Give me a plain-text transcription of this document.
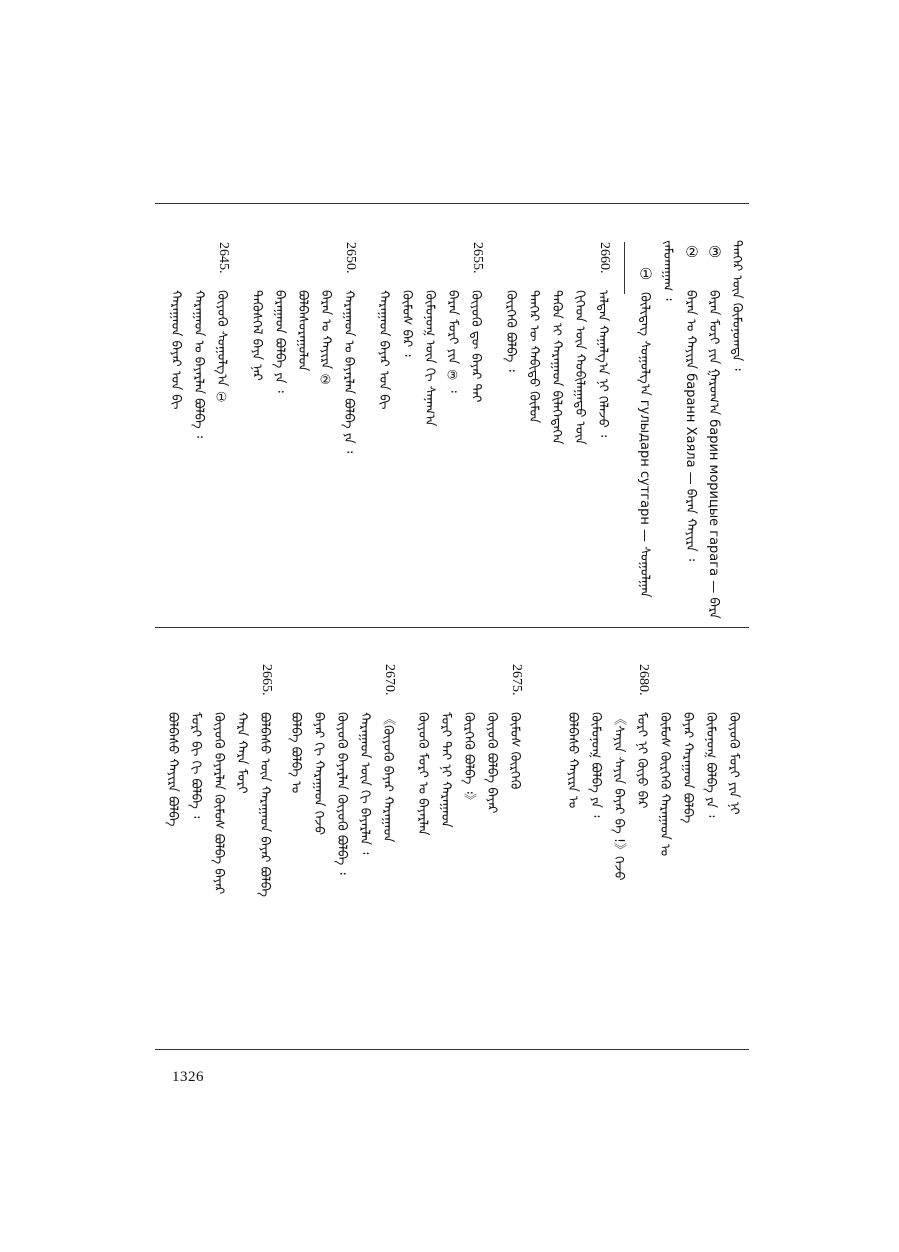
ᠲᠡᠨᠭᠡᠷ ᠦᠨ ᠬᠦᠮᠦᠨᠦᠭ᠍ᠳᠡ ᠄
③
ᠪᠠᠷᠠᠨ ᠮᠣᠷᠢ ᠶᠢᠨ ᠭᠠᠷᠤᠭ᠎ᠠ барин морицые гарагa — ᠪᠠᠷᠠ
②
ᠪᠠᠷᠠᠨ ᠤ ᠬᠠᠶᠢᠷᠠ баранн Хаяла — ᠪᠠᠷᠠᠨ ᠬᠠᠶᠢᠷᠠ ᠄
ᠵᠠᠮᠤᠬᠠᠭᠠᠭ ᠄
①
ᠭᠦᠯᠢᠳᠡᠭ᠌ ᠰᠤᠭᠤᠯᠭ᠎ᠠ гулыдарн сутгарн — ᠰᠤᠭᠤᠯᠭᠠᠨ
2660.
ᠠᠯᠲᠠᠨ ᠬᠠᠭᠠᠯᠭ᠎ᠠ ᠨᠢ ᠬᠡᠯᠡᠵᠦ ᠄
ᠬᠢᠭᠡᠳ ᠦᠨ ᠬᠤᠪᠢᠯᠠᠭᠠᠳᠤ ᠦᠨ
ᠲᠡᠭᠦᠨ ᠢ ᠬᠠᠷᠠᠭᠠᠳ ᠪᠢᠯᠡᠭᠡᠳᠡᠭᠡᠨ
ᠲᠡᠨᠭᠡᠷ ᠦ ᠬᠠᠪᠢᠳᠤ ᠬᠦᠮᠦᠨ
ᠬᠦᠷᠭᠡᠬᠦ ᠪᠣᠯᠪᠠ ᠄
2655.
ᠭᠦᠶᠦᠬᠦ ᠳᠦ ᠪᠠᠶᠠᠷ ᠲᠠᠢ
ᠪᠠᠷᠠᠨ ᠮᠣᠷᠢ ᠶᠢᠨ ③ ᠄
ᠬᠦᠮᠦᠨᠦᠭ᠍ ᠦᠨ ᠬᠢ ᠰᠠᠨᠠᠭ᠎ᠠ
ᠬᠦᠮᠦᠰ ᠪᠠᠷ ᠄
ᠬᠠᠷᠠᠭᠠᠳ ᠪᠠᠶᠠᠷ ᠤᠨ ᠪᠢ
2650.
ᠬᠠᠷᠠᠭᠠᠳ ᠤ ᠪᠠᠶᠠᠷᠯᠠᠨ ᠪᠣᠯᠪᠠ ᠶᠡ ᠄
ᠪᠠᠷᠠᠨ ᠤ ᠬᠠᠶᠢᠷᠠ ②
ᠪᠣᠯᠪᠠᠰᠤᠷᠠᠭᠤᠯᠤᠨ
ᠪᠠᠷᠠᠭᠠᠳ ᠪᠣᠯᠪᠠ ᠶᠡ ᠄
ᠲᠡᠭᠦᠰᠭᠡᠯ ᠪᠠᠶᠠ ᠨᠡᠷ
2645.
ᠭᠦᠶᠦᠬᠦ ᠰᠤᠭᠤᠯᠭ᠎ᠠ ①
ᠬᠠᠷᠠᠭᠠᠳ ᠤ ᠪᠠᠶᠠᠷᠯᠠᠨ ᠪᠣᠯᠪᠠ ᠄
ᠬᠠᠷᠠᠭᠠᠳ ᠪᠠᠶᠠᠷ ᠤᠨ ᠪᠢ
ᠭᠦᠶᠦᠬᠦ ᠮᠣᠷᠢ ᠶᠢᠨ ᠨᠢ
ᠬᠦᠮᠦᠨᠦᠭ᠍ ᠪᠣᠯᠪᠠ ᠶᠡ ᠄
ᠪᠠᠶᠠᠷ ᠬᠠᠷᠠᠭᠠᠳ ᠪᠣᠯᠪᠠ
ᠬᠦᠮᠦᠰ ᠬᠦᠷᠭᠡᠬᠦ ᠬᠠᠷᠠᠭᠠᠳ ᠤ
2680.
ᠮᠣᠷᠢ ᠨᠢ ᠭᠦᠶᠦ ᠪᠠᠷ
《ᠰᠠᠶᠢᠨ ᠰᠠᠶᠢᠨ ᠪᠠᠶᠠᠷ ᠪᠠ !》ᠭᠡᠵᠦ
ᠬᠦᠮᠦᠨᠦᠭ᠍ ᠪᠣᠯᠪᠠ ᠶᠡ ᠄
ᠪᠣᠯᠪᠠᠰᠤ ᠬᠠᠶᠢᠷᠠ ᠤ
2675.
ᠬᠦᠮᠦᠰ ᠬᠦᠷᠭᠡᠬᠦ
ᠭᠦᠶᠦᠬᠦ ᠪᠣᠯᠪᠠ ᠪᠠᠶᠠᠷ
ᠬᠦᠷᠭᠡᠬᠦ ᠪᠣᠯᠪᠠ ᠄》
ᠮᠣᠷᠢ ᠲᠠᠢ ᠨᠢ ᠬᠠᠷᠠᠭᠠᠳ
ᠭᠦᠶᠦᠬᠦ ᠮᠣᠷᠢ ᠤ ᠪᠠᠶᠠᠷᠯᠠᠨ
2670.
《ᠭᠦᠶᠦᠬᠦ ᠪᠠᠶᠠᠷ ᠬᠠᠷᠠᠭᠠᠳ
ᠬᠠᠷᠠᠭᠠᠳ ᠦᠨ ᠬᠢ ᠪᠠᠶᠠᠷᠯᠠᠨ ᠄
ᠭᠦᠶᠦᠬᠦ ᠪᠠᠶᠠᠷᠯᠠᠨ ᠭᠦᠶᠦᠬᠦ ᠪᠣᠯᠪᠠ ᠄
ᠪᠠᠶᠠᠷ ᠬᠢ ᠬᠠᠷᠠᠭᠠᠳ ᠭᠡᠵᠦ
ᠪᠣᠯᠪᠠ ᠪᠣᠯᠪᠠ ᠤ
2665.
ᠪᠣᠯᠪᠠᠰᠤ ᠦᠨ ᠬᠠᠷᠠᠭᠠᠳ ᠪᠠᠶᠠᠷ ᠪᠣᠯᠪᠠ
ᠬᠠᠷᠠ ᠬᠠᠷᠠ ᠮᠣᠷᠢ
ᠭᠦᠶᠦᠬᠦ ᠪᠠᠶᠠᠷᠯᠠᠨ ᠬᠦᠮᠦᠰ ᠪᠣᠯᠪᠠ ᠪᠠᠶᠠᠷ
ᠮᠣᠷᠢ ᠪᠢ ᠬᠢ ᠪᠣᠯᠪᠠ ᠄
ᠪᠣᠯᠪᠠᠰᠤ ᠬᠠᠶᠢᠷᠠ ᠪᠣᠯᠪᠠ
1326
